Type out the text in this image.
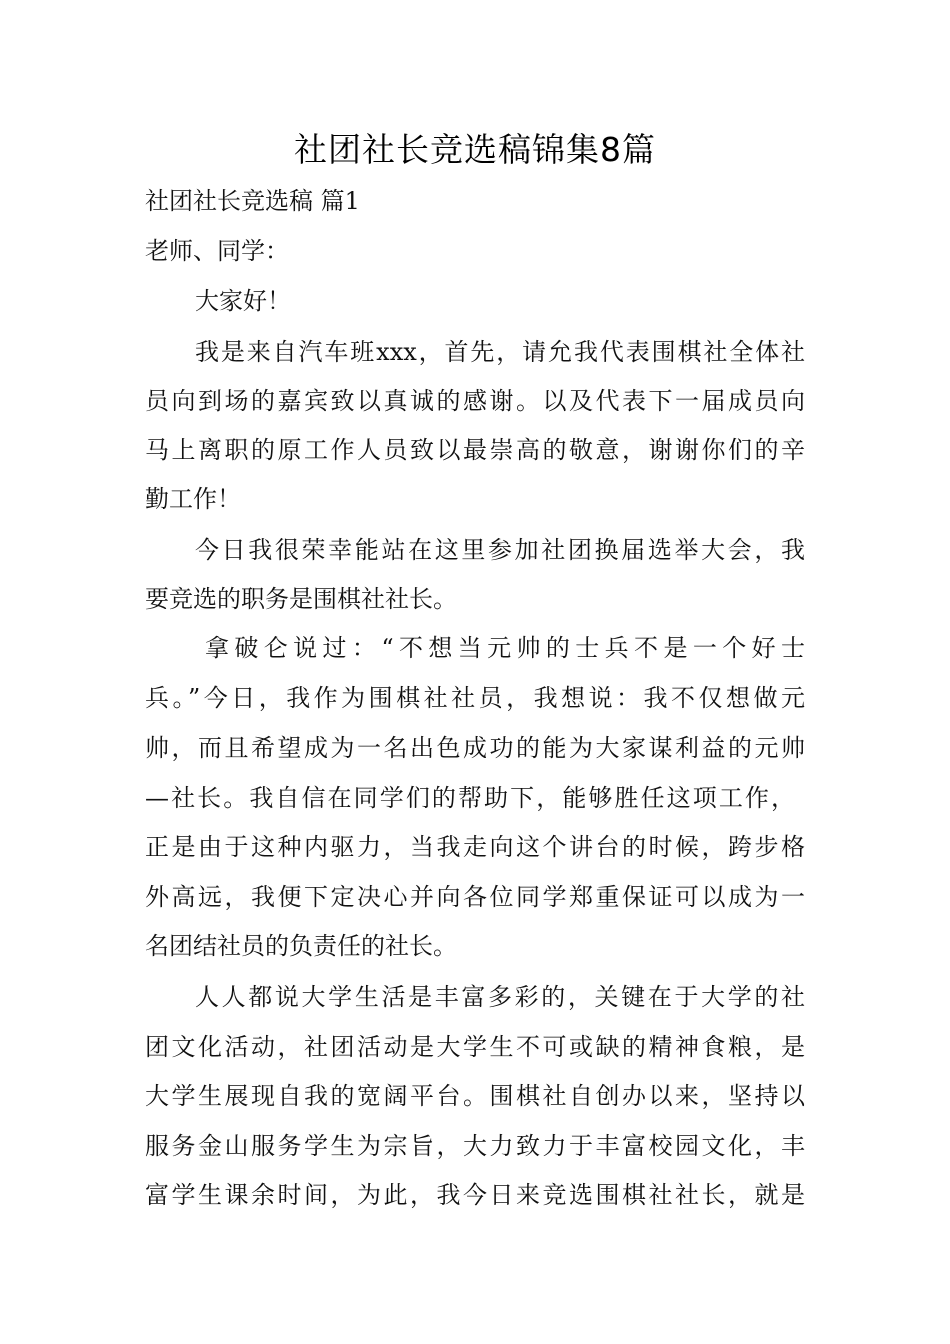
社团社长竞选稿锦集8篇
社团社长竞选稿 篇1
老师、同学：
大家好！
我是来自汽车班xxx，首先，请允我代表围棋社全体社
员向到场的嘉宾致以真诚的感谢。以及代表下一届成员向
马上离职的原工作人员致以最崇高的敬意，谢谢你们的辛
勤工作！
今日我很荣幸能站在这里参加社团换届选举大会，我
要竞选的职务是围棋社社长。
拿破仑说过：“不想当元帅的士兵不是一个好士
兵。”今日，我作为围棋社社员，我想说：我不仅想做元
帅，而且希望成为一名出色成功的能为大家谋利益的元帅
—社长。我自信在同学们的帮助下，能够胜任这项工作，
正是由于这种内驱力，当我走向这个讲台的时候，跨步格
外高远，我便下定决心并向各位同学郑重保证可以成为一
名团结社员的负责任的社长。
人人都说大学生活是丰富多彩的，关键在于大学的社
团文化活动，社团活动是大学生不可或缺的精神食粮，是
大学生展现自我的宽阔平台。围棋社自创办以来，坚持以
服务金山服务学生为宗旨，大力致力于丰富校园文化，丰
富学生课余时间，为此，我今日来竞选围棋社社长，就是
